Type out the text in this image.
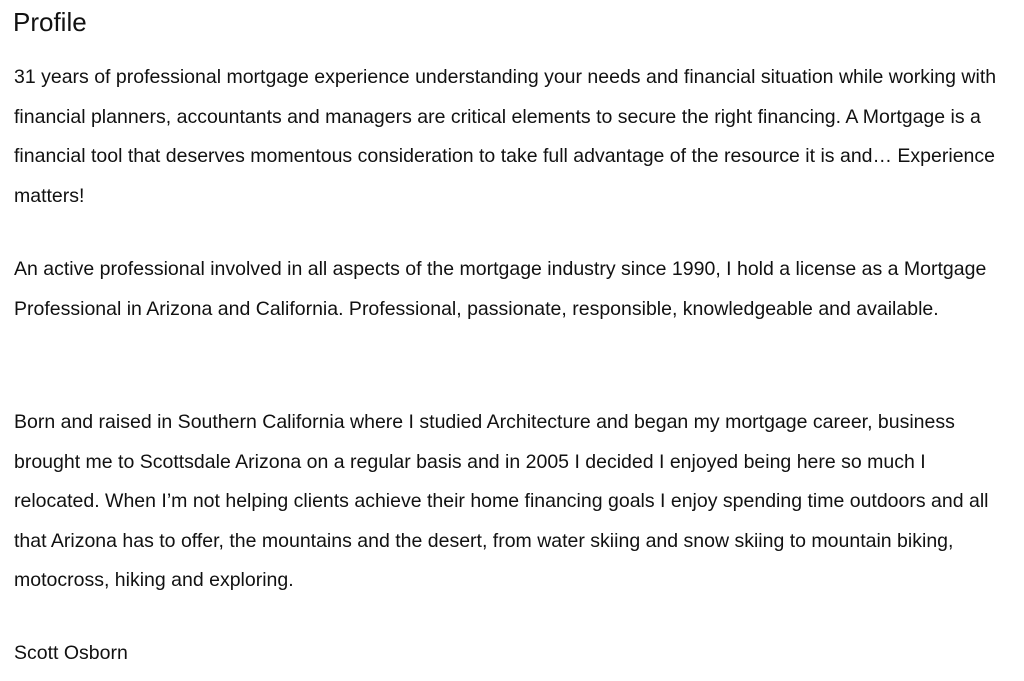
Profile

31 years of professional mortgage experience understanding your needs and financial situation while working with financial planners, accountants and managers are critical elements to secure the right financing. A Mortgage is a financial tool that deserves momentous consideration to take full advantage of the resource it is and… Experience matters!

An active professional involved in all aspects of the mortgage industry since 1990, I hold a license as a Mortgage Professional in Arizona and California. Professional, passionate, responsible, knowledgeable and available.

Born and raised in Southern California where I studied Architecture and began my mortgage career, business brought me to Scottsdale Arizona on a regular basis and in 2005 I decided I enjoyed being here so much I relocated. When I’m not helping clients achieve their home financing goals I enjoy spending time outdoors and all that Arizona has to offer, the mountains and the desert, from water skiing and snow skiing to mountain biking, motocross, hiking and exploring.

Scott Osborn
